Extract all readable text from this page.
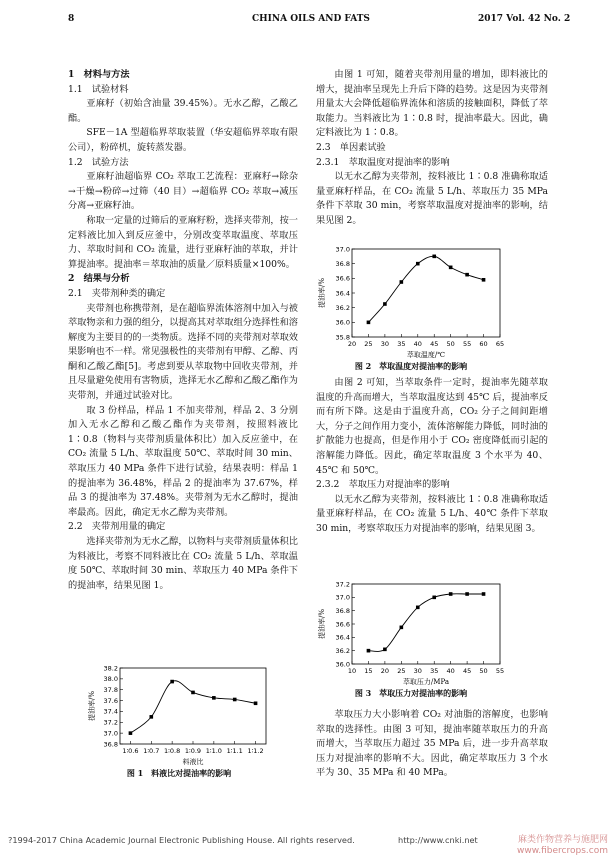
8	CHINA OILS AND FATS	2017 Vol. 42 No. 2

1　材料与方法

1.1　试验材料

亚麻籽（初始含油量 39.45%）。无水乙醇，乙酸乙酯。

SFE－1A 型超临界萃取装置（华安超临界萃取有限公司），粉碎机，旋转蒸发器。

1.2　试验方法

亚麻籽油超临界 CO₂ 萃取工艺流程：亚麻籽→除杂→干燥→粉碎→过筛（40 目）→超临界 CO₂ 萃取→减压分离→亚麻籽油。

称取一定量的过筛后的亚麻籽粉，选择夹带剂，按一定料液比加入到反应釜中，分别改变萃取温度、萃取压力、萃取时间和 CO₂ 流量，进行亚麻籽油的萃取，并计算提油率。提油率＝萃取油的质量／原料质量×100%。

2　结果与分析

2.1　夹带剂种类的确定

夹带剂也称携带剂，是在超临界流体溶剂中加入与被萃取物亲和力强的组分，以提高其对萃取组分选择性和溶解度为主要目的的一类物质。选择不同的夹带剂对萃取效果影响也不一样。常见强极性的夹带剂有甲醇、乙醇、丙酮和乙酸乙酯[5]。考虑到要从萃取物中回收夹带剂，并且尽量避免使用有害物质，选择无水乙醇和乙酸乙酯作为夹带剂，并通过试验对比。

取 3 份样品，样品 1 不加夹带剂，样品 2、3 分别加入无水乙醇和乙酸乙酯作为夹带剂，按照料液比1∶0.8（物料与夹带剂质量体积比）加入反应釜中，在 CO₂ 流量 5 L/h、萃取温度 50℃、萃取时间 30 min、萃取压力 40 MPa 条件下进行试验，结果表明：样品 1 的提油率为 36.48%，样品 2 的提油率为 37.67%，样品 3 的提油率为 37.48%。夹带剂为无水乙醇时，提油率最高。因此，确定无水乙醇为夹带剂。

2.2　夹带剂用量的确定

选择夹带剂为无水乙醇，以物料与夹带剂质量体积比为料液比，考察不同料液比在 CO₂ 流量 5 L/h、萃取温度 50℃、萃取时间 30 min、萃取压力 40 MPa 条件下的提油率，结果见图 1。

由图 1 可知，随着夹带剂用量的增加，即料液比的增大，提油率呈现先上升后下降的趋势。这是因为夹带剂用量太大会降低超临界流体和溶质的接触面积，降低了萃取能力。当料液比为 1∶0.8 时，提油率最大。因此，确定料液比为 1∶0.8。

2.3　单因素试验

2.3.1　萃取温度对提油率的影响

以无水乙醇为夹带剂，按料液比 1∶0.8 准确称取适量亚麻籽样品，在 CO₂ 流量 5 L/h、萃取压力 35 MPa 条件下萃取 30 min，考察萃取温度对提油率的影响，结果见图 2。

20 25 30 35 40 45 50 55 60 65
35.8
36.0
36.2
36.4
36.6
36.8
37.0
萃取温度/℃
提油率/%
图 2　萃取温度对提油率的影响

由图 2 可知，当萃取条件一定时，提油率先随萃取温度的升高而增大，当萃取温度达到 45℃ 后，提油率反而有所下降。这是由于温度升高，CO₂ 分子之间间距增大，分子之间作用力变小，流体溶解能力降低，同时油的扩散能力也提高，但是作用小于 CO₂ 密度降低而引起的溶解能力降低。因此，确定萃取温度 3 个水平为 40、45℃ 和 50℃。

2.3.2　萃取压力对提油率的影响

以无水乙醇为夹带剂，按料液比 1∶0.8 准确称取适量亚麻籽样品，在 CO₂ 流量 5 L/h、40℃ 条件下萃取 30 min，考察萃取压力对提油率的影响，结果见图 3。

10 15 20 25 30 35 40 45 50 55
36.0
36.2
36.4
36.6
36.8
37.0
37.2
萃取压力/MPa
提油率/%
图 3　萃取压力对提油率的影响

萃取压力大小影响着 CO₂ 对油脂的溶解度，也影响萃取的选择性。由图 3 可知，提油率随萃取压力的升高而增大，当萃取压力超过 35 MPa 后，进一步升高萃取压力对提油率的影响不大。因此，确定萃取压力 3 个水平为 30、35 MPa 和 40 MPa。

1∶0.6 1∶0.7 1∶0.8 1∶0.9 1∶1.0 1∶1.1 1∶1.2
36.8
37.0
37.2
37.4
37.6
37.8
38.0
38.2
料液比
提油率/%
图 1　料液比对提油率的影响
?1994-2017 China Academic Journal Electronic Publishing House. All rights reserved.	http://www.cnki.net	麻类作物营养与施肥网
www.fibercrops.com
